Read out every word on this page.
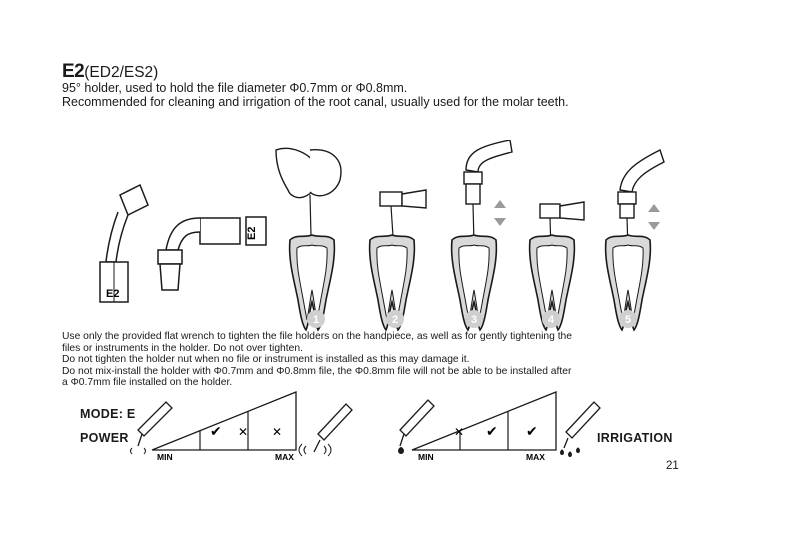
E2(ED2/ES2)
95° holder, used to hold the file diameter Φ0.7mm or Φ0.8mm.
Recommended for cleaning and irrigation of the root canal, usually used for the molar teeth.
E2
E2
1	2	3	4	5
Use only the provided flat wrench to tighten the file holders on the handpiece, as well as for gently tightening the
files or instruments in the holder. Do not over tighten.
Do not tighten the holder nut when no file or instrument is installed as this may damage it.
Do not mix-install the holder with Φ0.7mm and Φ0.8mm file, the Φ0.8mm file will not be able to be installed after
a Φ0.7mm file installed on the holder.
MODE: E
POWER	IRRIGATION
✔ ✕ ✕
MIN	MAX
✕ ✔ ✔
MIN	MAX
21
